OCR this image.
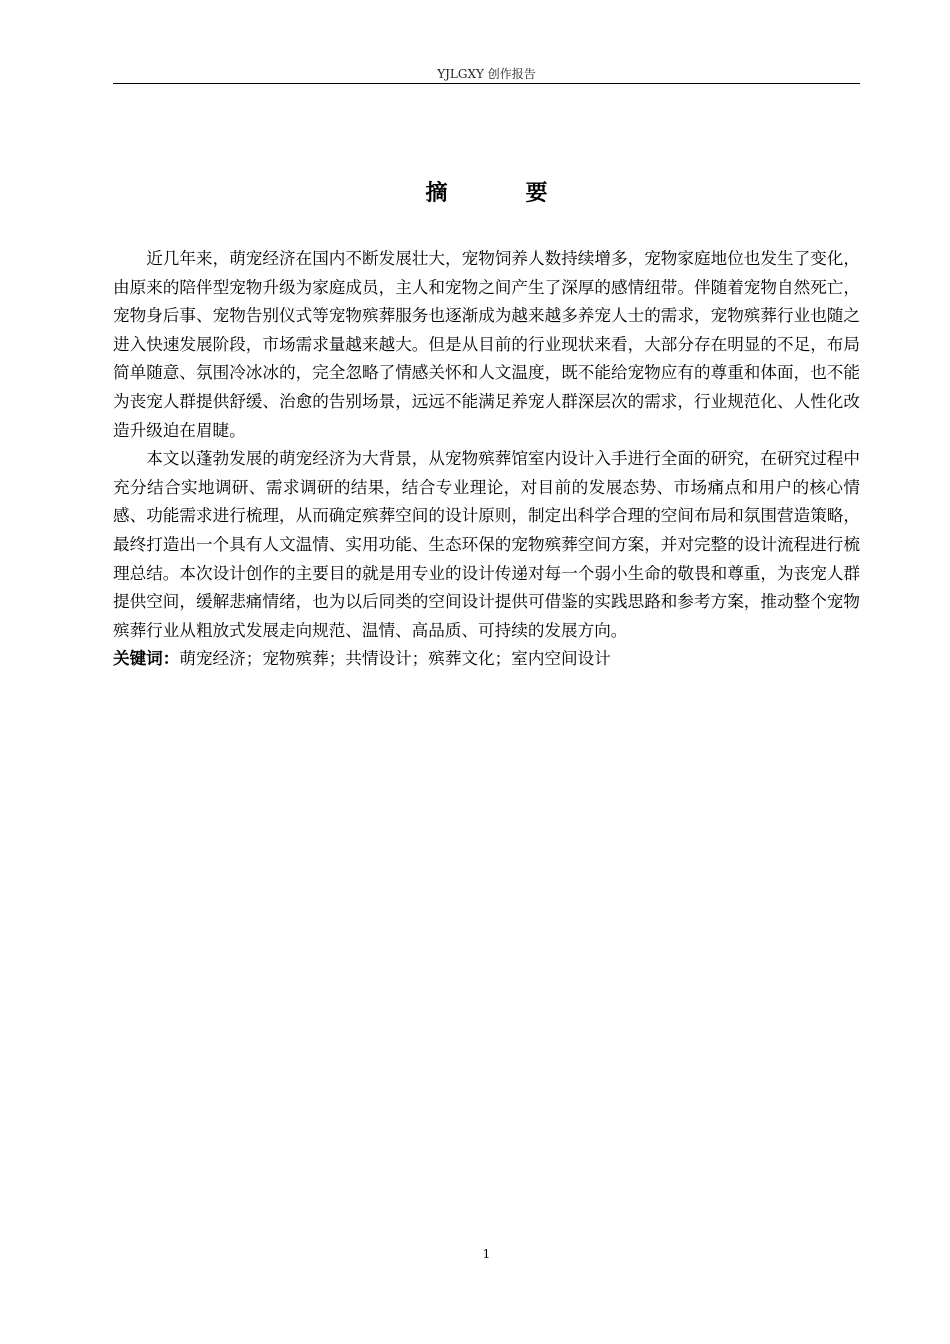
YJLGXY 创作报告
摘　要

近几年来，萌宠经济在国内不断发展壮大，宠物饲养人数持续增多，宠物家庭地位也发生了变化，由原来的陪伴型宠物升级为家庭成员，主人和宠物之间产生了深厚的感情纽带。伴随着宠物自然死亡，宠物身后事、宠物告别仪式等宠物殡葬服务也逐渐成为越来越多养宠人士的需求，宠物殡葬行业也随之进入快速发展阶段，市场需求量越来越大。但是从目前的行业现状来看，大部分存在明显的不足，布局简单随意、氛围冷冰冰的，完全忽略了情感关怀和人文温度，既不能给宠物应有的尊重和体面，也不能为丧宠人群提供舒缓、治愈的告别场景，远远不能满足养宠人群深层次的需求，行业规范化、人性化改造升级迫在眉睫。

本文以蓬勃发展的萌宠经济为大背景，从宠物殡葬馆室内设计入手进行全面的研究，在研究过程中充分结合实地调研、需求调研的结果，结合专业理论，对目前的发展态势、市场痛点和用户的核心情感、功能需求进行梳理，从而确定殡葬空间的设计原则，制定出科学合理的空间布局和氛围营造策略，最终打造出一个具有人文温情、实用功能、生态环保的宠物殡葬空间方案，并对完整的设计流程进行梳理总结。本次设计创作的主要目的就是用专业的设计传递对每一个弱小生命的敬畏和尊重，为丧宠人群提供空间，缓解悲痛情绪，也为以后同类的空间设计提供可借鉴的实践思路和参考方案，推动整个宠物殡葬行业从粗放式发展走向规范、温情、高品质、可持续的发展方向。

关键词：萌宠经济；宠物殡葬；共情设计；殡葬文化；室内空间设计

1
